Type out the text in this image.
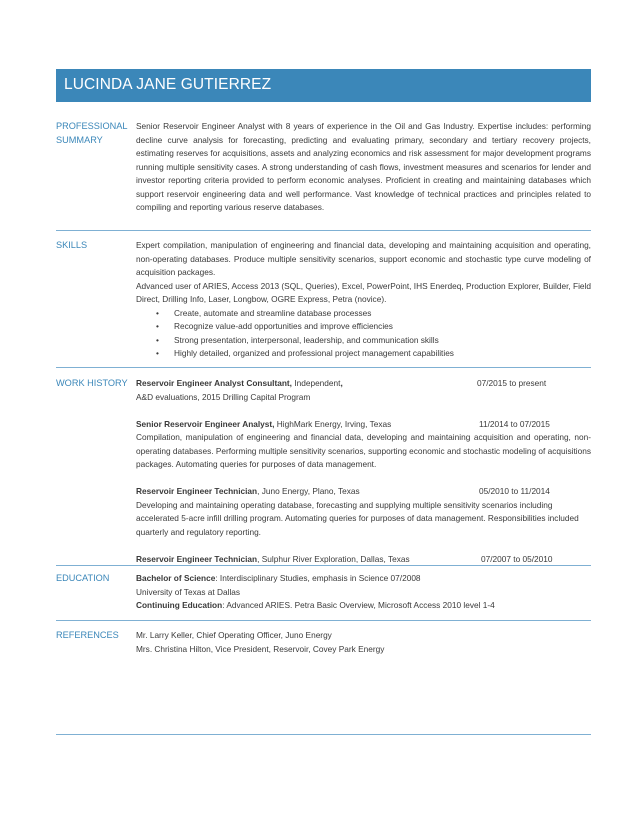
LUCINDA JANE GUTIERREZ
PROFESSIONAL
SUMMARY
Senior Reservoir Engineer Analyst with 8 years of experience in the Oil and Gas Industry. Expertise includes: performing decline curve analysis for forecasting, predicting and evaluating primary, secondary and tertiary recovery projects, estimating reserves for acquisitions, assets and analyzing economics and risk assessment for major development programs running multiple sensitivity cases. A strong understanding of cash flows, investment measures and scenarios for lender and investor reporting criteria provided to perform economic analyses. Proficient in creating and maintaining databases which support reservoir engineering data and well performance. Vast knowledge of technical practices and principles related to compiling and reporting various reserve databases.
SKILLS	Expert compilation, manipulation of engineering and financial data, developing and maintaining acquisition and operating, non-operating databases. Produce multiple sensitivity scenarios, support economic and stochastic type curve modeling of acquisition packages.

Advanced user of ARIES, Access 2013 (SQL, Queries), Excel, PowerPoint, IHS Enerdeq, Production Explorer, Builder, Field Direct, Drilling Info, Laser, Longbow, OGRE Express, Petra (novice).

• Create, automate and streamline database processes
• Recognize value-add opportunities and improve efficiencies
• Strong presentation, interpersonal, leadership, and communication skills
• Highly detailed, organized and professional project management capabilities
WORK HISTORY	Reservoir Engineer Analyst Consultant, Independent,	07/2015 to present

A&D evaluations, 2015 Drilling Capital Program

Senior Reservoir Engineer Analyst, HighMark Energy, Irving, Texas	11/2014 to 07/2015

Compilation, manipulation of engineering and financial data, developing and maintaining acquisition and operating, non-operating databases. Performing multiple sensitivity scenarios, supporting economic and stochastic modeling of acquisitions packages. Automating queries for purposes of data management.

Reservoir Engineer Technician, Juno Energy, Plano, Texas	05/2010 to 11/2014

Developing and maintaining operating database, forecasting and supplying multiple sensitivity scenarios including accelerated 5-acre infill drilling program. Automating queries for purposes of data management. Responsibilities included quarterly and regulatory reporting.

Reservoir Engineer Technician, Sulphur River Exploration, Dallas, Texas	07/2007 to 05/2010
EDUCATION	Bachelor of Science: Interdisciplinary Studies, emphasis in Science 07/2008

University of Texas at Dallas

Continuing Education: Advanced ARIES. Petra Basic Overview, Microsoft Access 2010 level 1-4

REFERENCES	Mr. Larry Keller, Chief Operating Officer, Juno Energy

Mrs. Christina Hilton, Vice President, Reservoir, Covey Park Energy
